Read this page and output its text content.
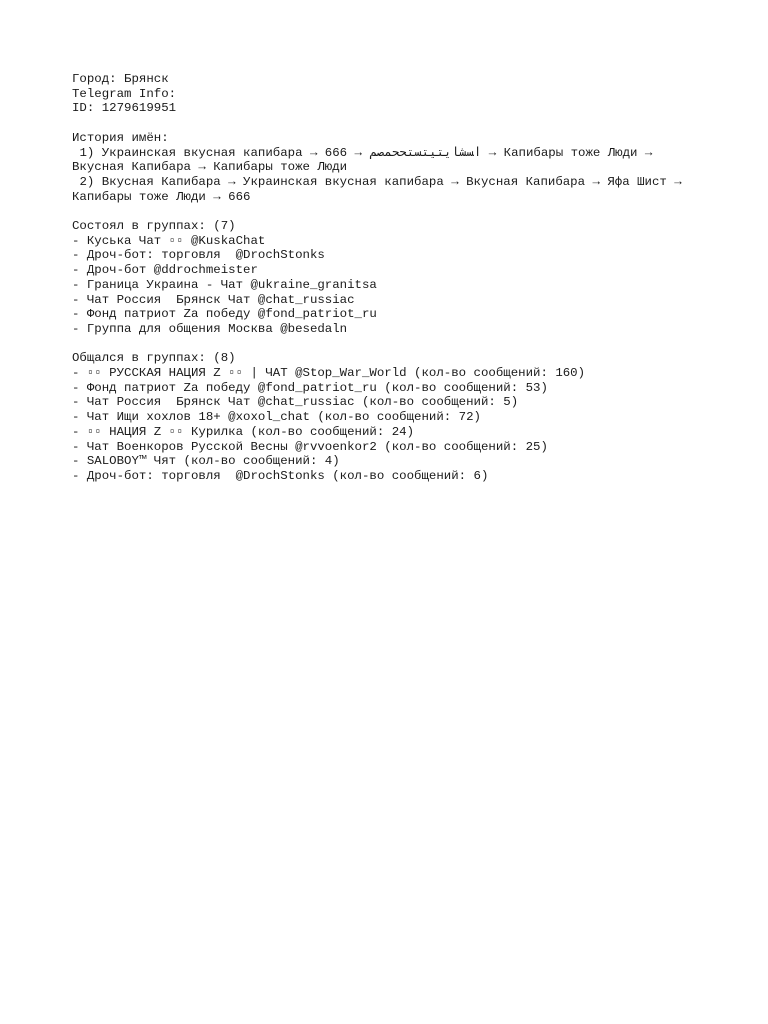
Город: Брянск
Telegram Info:
ID: 1279619951
История имён:
1) Украинская вкусная капибара → 666 → اﺴﺸﺎﻳﺘﻴﺘﺴﺘﺤﺤﻤﺼﻢ → Капибары тоже Люди → Вкусная Капибара → Капибары тоже Люди
2) Вкусная Капибара → Украинская вкусная капибара → Вкусная Капибара → Яфа Шист → Капибары тоже Люди → 666
Состоял в группах: (7)
- Куська Чат ▫▫ @KuskaChat
- Дроч-бот: торговля  @DrochStonks
- Дроч-бот @ddrochmeister
- Граница Украина - Чат @ukraine_granitsa
- Чат Россия  Брянск Чат @chat_russiac
- Фонд патриот Zа победу @fond_patriot_ru
- Группа для общения Москва @besedaln
Общался в группах: (8)
- ▫▫ РУССКАЯ НАЦИЯ Z ▫▫ | ЧАТ @Stop_War_World (кол-во сообщений: 160)
- Фонд патриот Zа победу @fond_patriot_ru (кол-во сообщений: 53)
- Чат Россия  Брянск Чат @chat_russiac (кол-во сообщений: 5)
- Чат Ищи хохлов 18+ @xoxol_chat (кол-во сообщений: 72)
- ▫▫ НАЦИЯ Z ▫▫ Курилка (кол-во сообщений: 24)
- Чат Военкоров Русской Весны @rvvoenkor2 (кол-во сообщений: 25)
- SALOBOY™ Чят (кол-во сообщений: 4)
- Дроч-бот: торговля  @DrochStonks (кол-во сообщений: 6)
